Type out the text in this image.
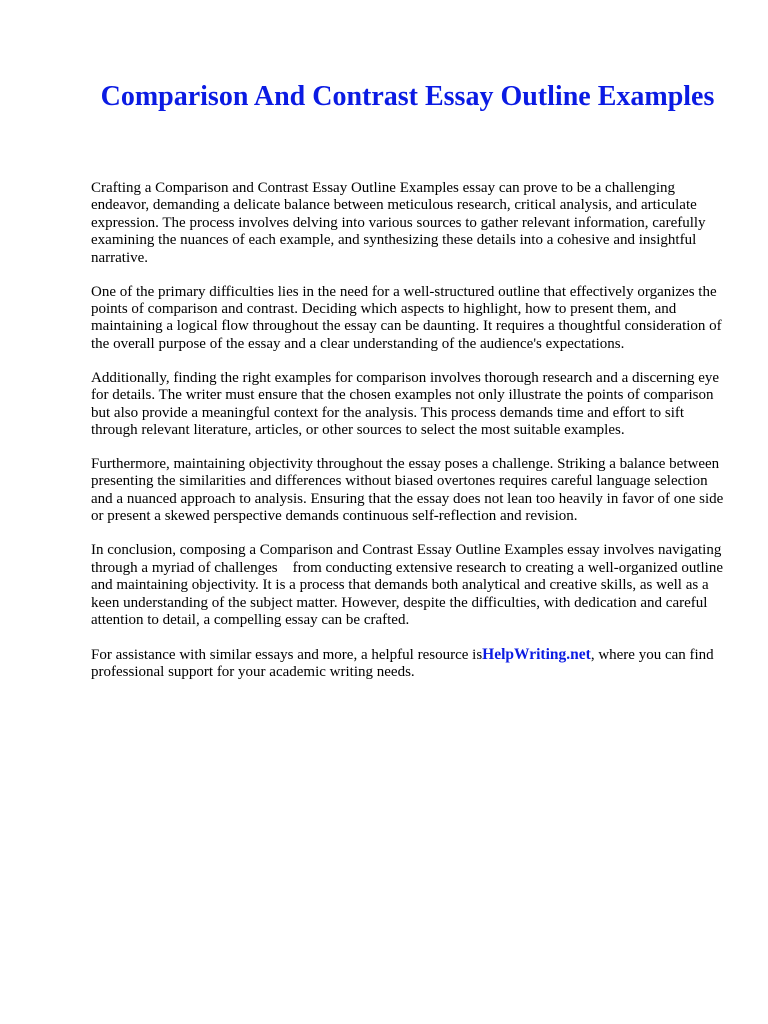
Comparison And Contrast Essay Outline Examples

Crafting a Comparison and Contrast Essay Outline Examples essay can prove to be a challenging endeavor, demanding a delicate balance between meticulous research, critical analysis, and articulate expression. The process involves delving into various sources to gather relevant information, carefully examining the nuances of each example, and synthesizing these details into a cohesive and insightful narrative.

One of the primary difficulties lies in the need for a well-structured outline that effectively organizes the points of comparison and contrast. Deciding which aspects to highlight, how to present them, and maintaining a logical flow throughout the essay can be daunting. It requires a thoughtful consideration of the overall purpose of the essay and a clear understanding of the audience's expectations.

Additionally, finding the right examples for comparison involves thorough research and a discerning eye for details. The writer must ensure that the chosen examples not only illustrate the points of comparison but also provide a meaningful context for the analysis. This process demands time and effort to sift through relevant literature, articles, or other sources to select the most suitable examples.

Furthermore, maintaining objectivity throughout the essay poses a challenge. Striking a balance between presenting the similarities and differences without biased overtones requires careful language selection and a nuanced approach to analysis. Ensuring that the essay does not lean too heavily in favor of one side or present a skewed perspective demands continuous self-reflection and revision.

In conclusion, composing a Comparison and Contrast Essay Outline Examples essay involves navigating through a myriad of challenges    from conducting extensive research to creating a well-organized outline and maintaining objectivity. It is a process that demands both analytical and creative skills, as well as a keen understanding of the subject matter. However, despite the difficulties, with dedication and careful attention to detail, a compelling essay can be crafted.

For assistance with similar essays and more, a helpful resource isHelpWriting.net, where you can find professional support for your academic writing needs.
